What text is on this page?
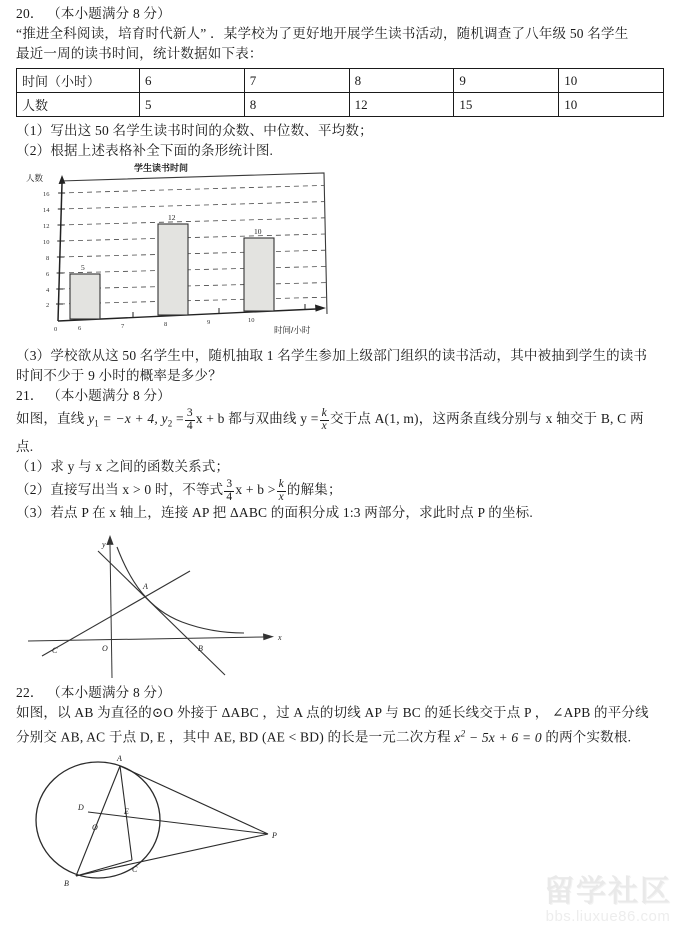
20． （本小题满分 8 分）
“推进全科阅读，培育时代新人” ．某学校为了更好地开展学生读书活动，随机调查了八年级 50 名学生
最近一周的读书时间，统计数据如下表：
时间（小时）	6	7	8	9	10
人数	5	8	12	15	10
（1）写出这 50 名学生读书时间的众数、中位数、平均数；
（2）根据上述表格补全下面的条形统计图.
2
4
6
8
10
12
14
16
人数
学生读书时间
0	6	7	8	9	10
时间/小时
5
12
10
（3）学校欲从这 50 名学生中，随机抽取 1 名学生参加上级部门组织的读书活动，其中被抽到学生的读书
时间不少于 9 小时的概率是多少？
21． （本小题满分 8 分）
如图，直线 $y_1 = -x + 4$, $y_2 = \frac{3}{4}$ x + b 都与双曲线 $y = \frac{k}{x}$ 交于点 A(1, m)，这两条直线分别与 x 轴交于 B, C 两
点.
（1）求 y 与 x 之间的函数关系式；
（2）直接写出当 x > 0 时，不等式 $\frac{3}{4}$ $x + b > \frac{k}{x}$ 的解集；
（3）若点 P 在 x 轴上，连接 AP 把 ΔABC 的面积分成 1:3 两部分，求此时点 P 的坐标.
y
x
O
A
B
C
22． （本小题满分 8 分）
如图，以 AB 为直径的⊙O 外接于 ΔABC ，过 A 点的切线 AP 与 BC 的延长线交于点 P ， ∠APB 的平分线
分别交 AB, AC 于点 D, E ，其中 AE, BD (AE < BD) 的长是一元二次方程 $x^2 - 5x + 6 = 0$ 的两个实数根.
A
B
C
D	E
O
P
留学社区
bbs.liuxue86.com
